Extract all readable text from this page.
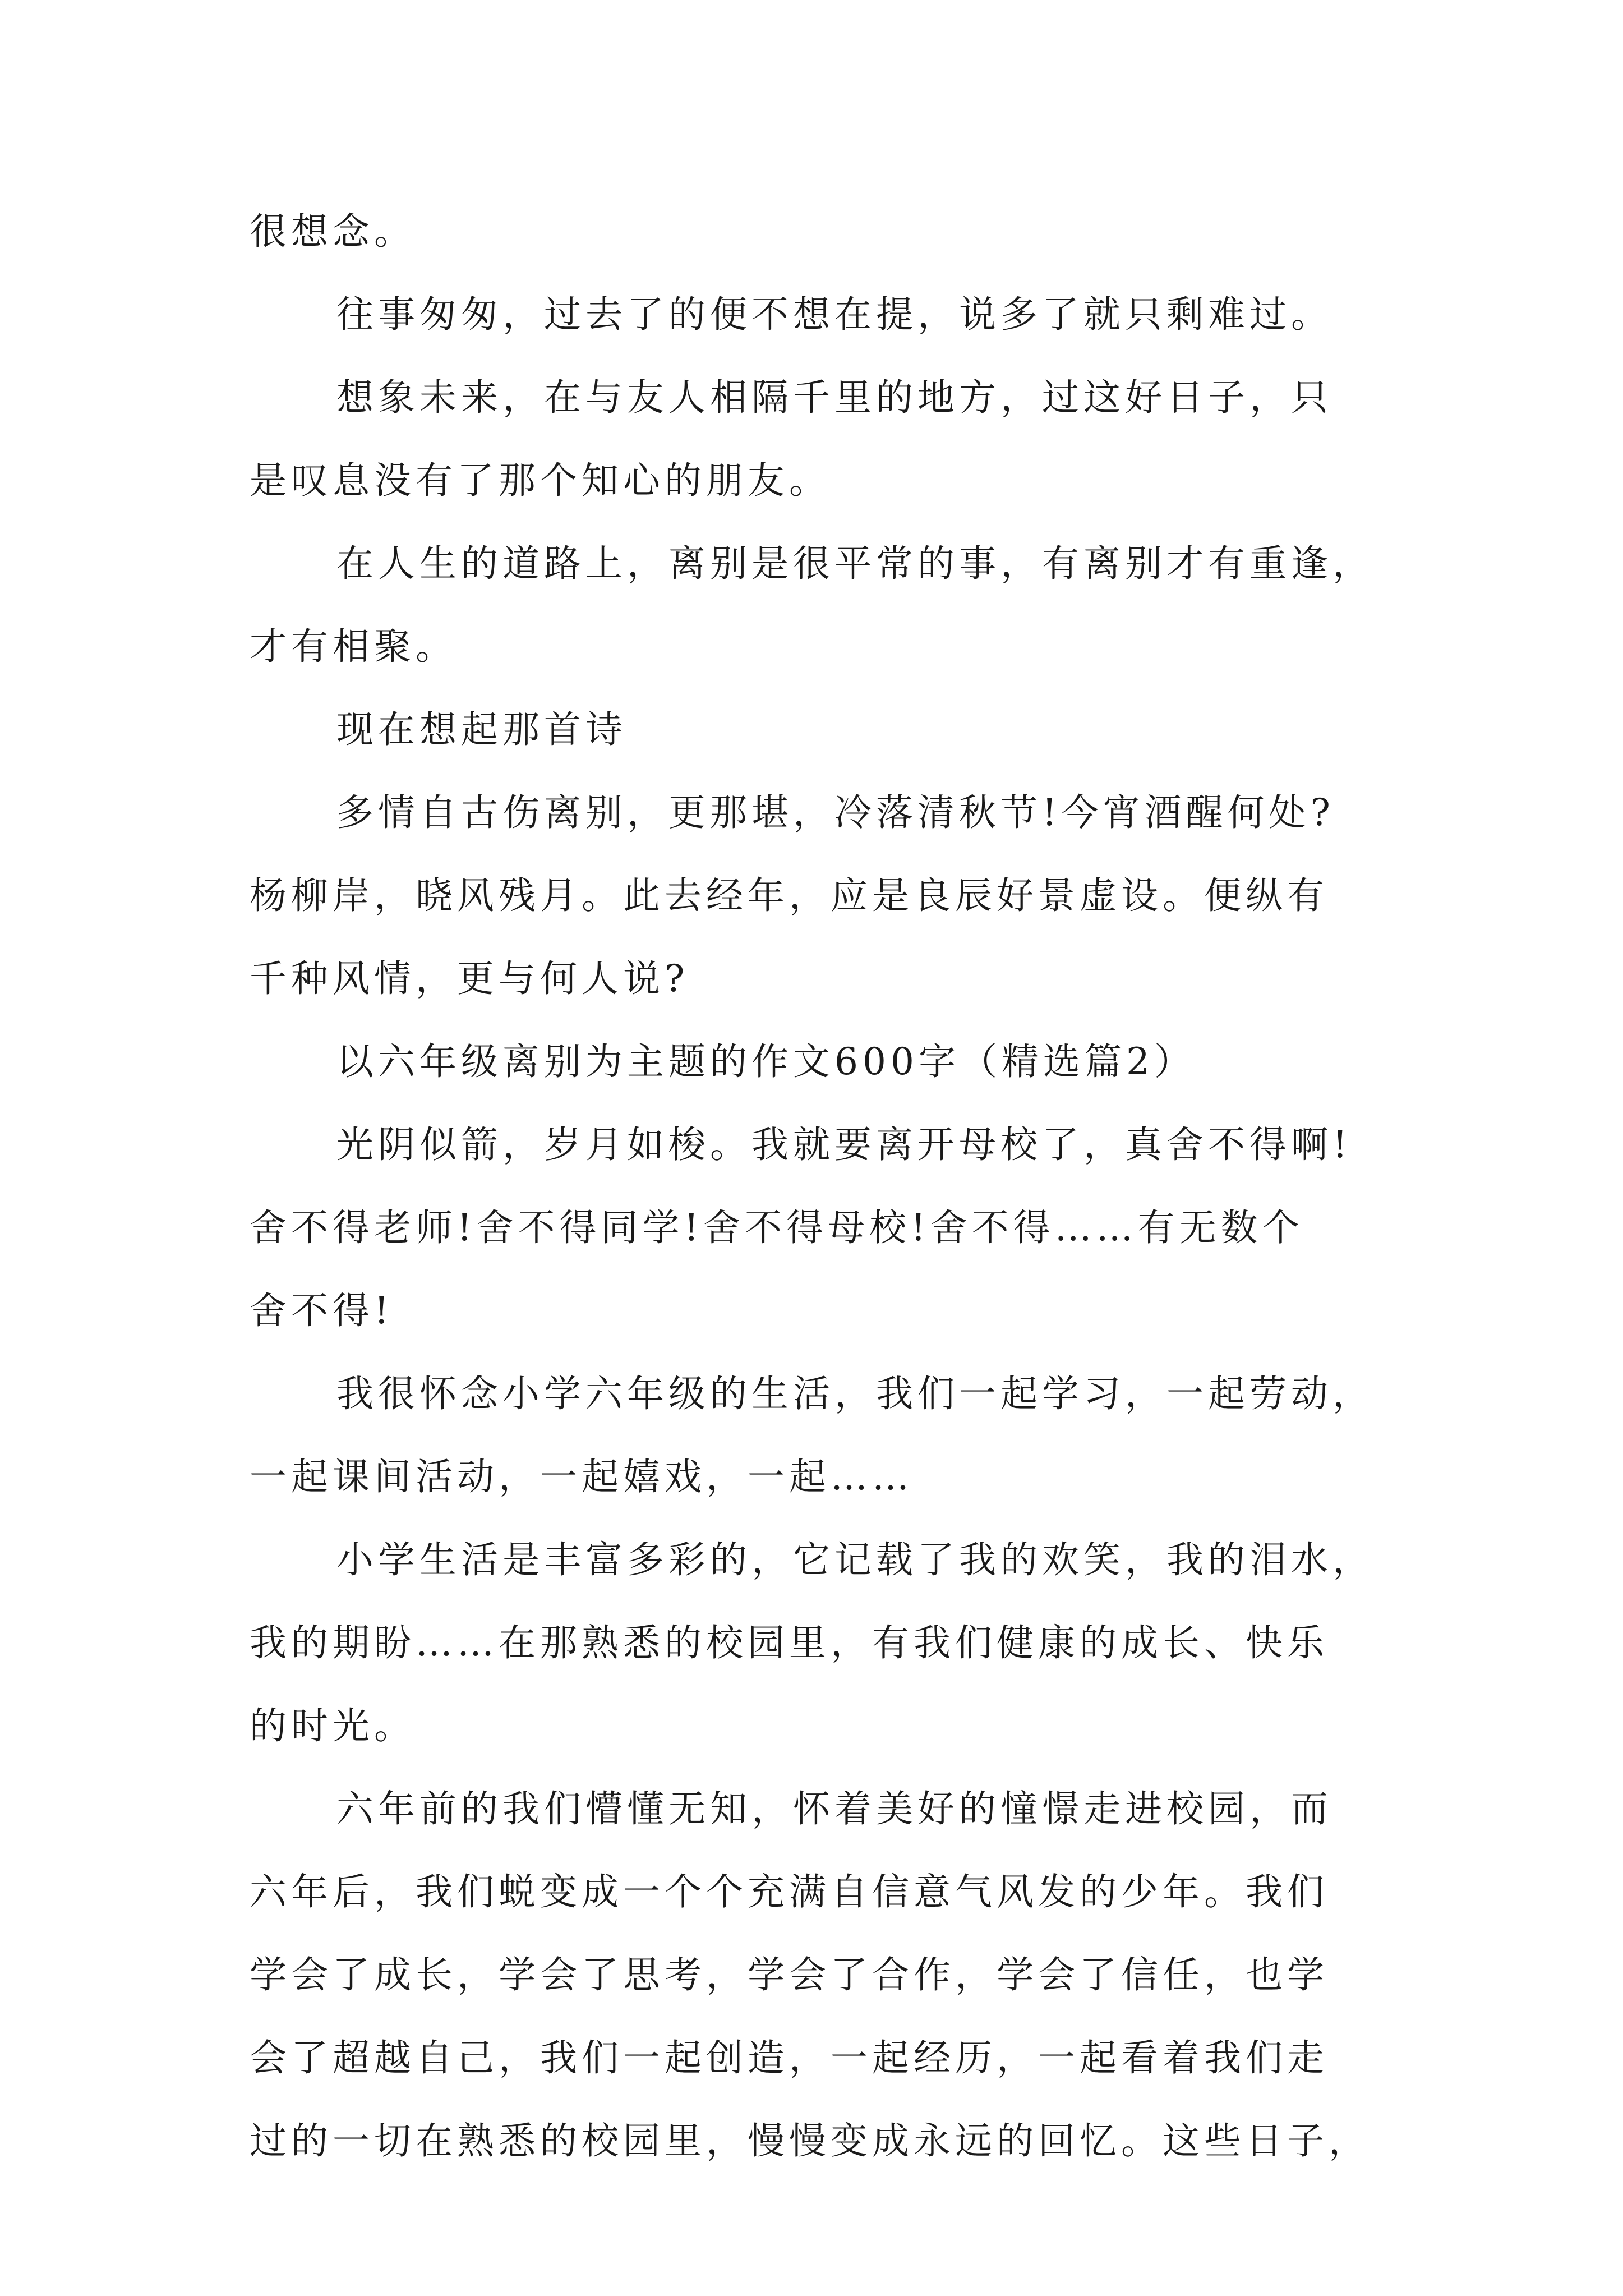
很想念。
往事匆匆，过去了的便不想在提，说多了就只剩难过。
想象未来，在与友人相隔千里的地方，过这好日子，只
是叹息没有了那个知心的朋友。
在人生的道路上，离别是很平常的事，有离别才有重逢，
才有相聚。
现在想起那首诗
多情自古伤离别，更那堪，冷落清秋节!今宵酒醒何处?
杨柳岸，晓风残月。此去经年，应是良辰好景虚设。便纵有
千种风情，更与何人说?
以六年级离别为主题的作文600字（精选篇2）
光阴似箭，岁月如梭。我就要离开母校了，真舍不得啊!
舍不得老师!舍不得同学!舍不得母校!舍不得……有无数个
舍不得!
我很怀念小学六年级的生活，我们一起学习，一起劳动，
一起课间活动，一起嬉戏，一起……
小学生活是丰富多彩的，它记载了我的欢笑，我的泪水，
我的期盼……在那熟悉的校园里，有我们健康的成长、快乐
的时光。
六年前的我们懵懂无知，怀着美好的憧憬走进校园，而
六年后，我们蜕变成一个个充满自信意气风发的少年。我们
学会了成长，学会了思考，学会了合作，学会了信任，也学
会了超越自己，我们一起创造，一起经历，一起看着我们走
过的一切在熟悉的校园里，慢慢变成永远的回忆。这些日子，
